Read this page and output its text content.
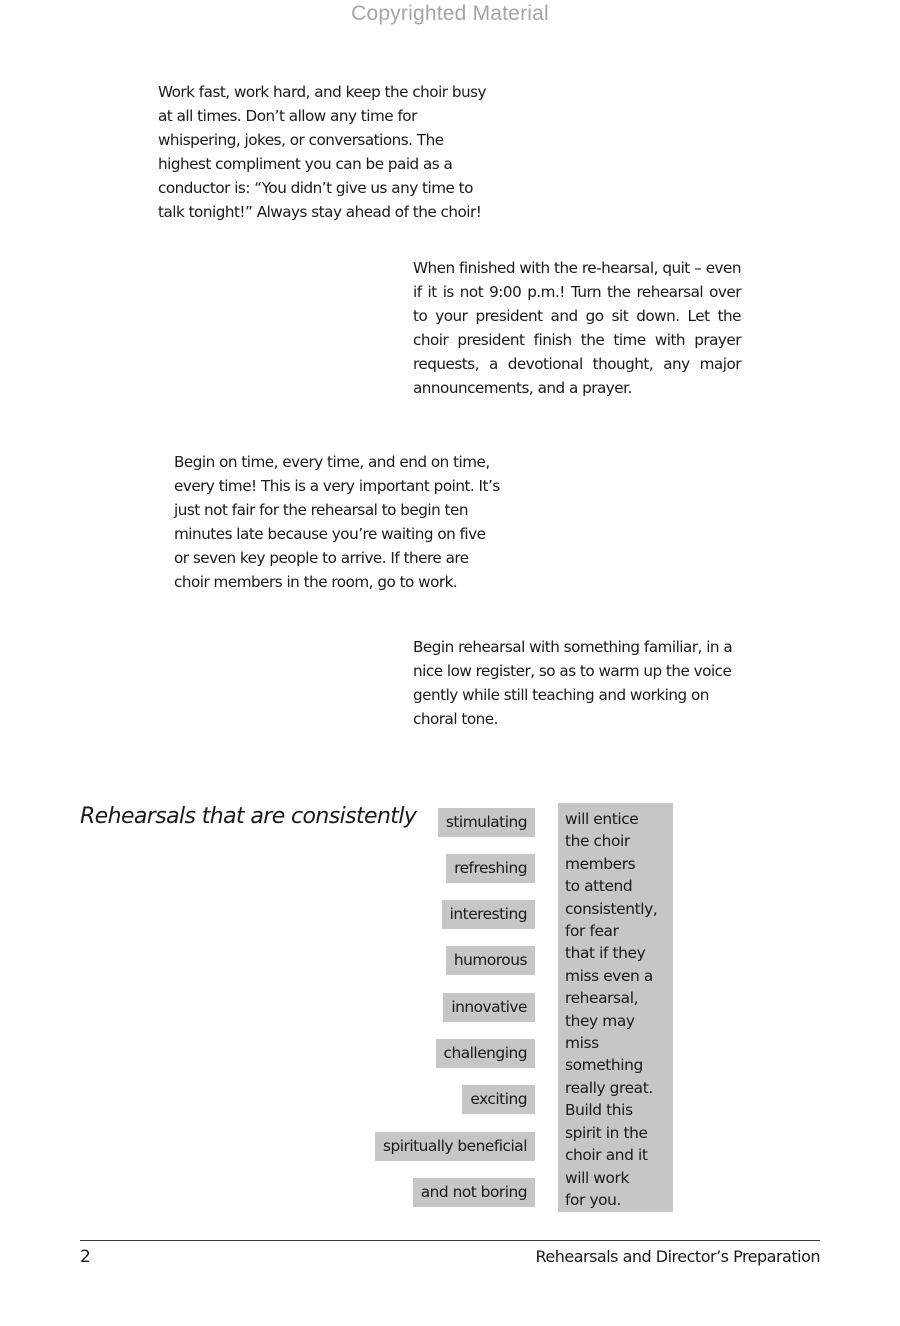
Copyrighted Material

Work fast, work hard, and keep the choir busy at all times. Don’t allow any time for whispering, jokes, or conversations. The highest compliment you can be paid as a conductor is: “You didn’t give us any time to talk tonight!” Always stay ahead of the choir!

When finished with the re-hearsal, quit – even if it is not 9:00 p.m.! Turn the rehearsal over to your president and go sit down. Let the choir president finish the time with prayer requests, a devotional thought, any major announcements, and a prayer.

Begin on time, every time, and end on time, every time! This is a very important point. It’s just not fair for the rehearsal to begin ten minutes late because you’re waiting on five or seven key people to arrive. If there are choir members in the room, go to work.

Begin rehearsal with something familiar, in a nice low register, so as to warm up the voice gently while still teaching and working on choral tone.

Rehearsals that are consistently	stimulating
refreshing
interesting
humorous
innovative
challenging
exciting
spiritually beneficial
and not boring
will entice
the choir
members
to attend
consistently,
for fear
that if they
miss even a
rehearsal,
they may
miss
something
really great.
Build this
spirit in the
choir and it
will work
for you.
2	Rehearsals and Director’s Preparation
